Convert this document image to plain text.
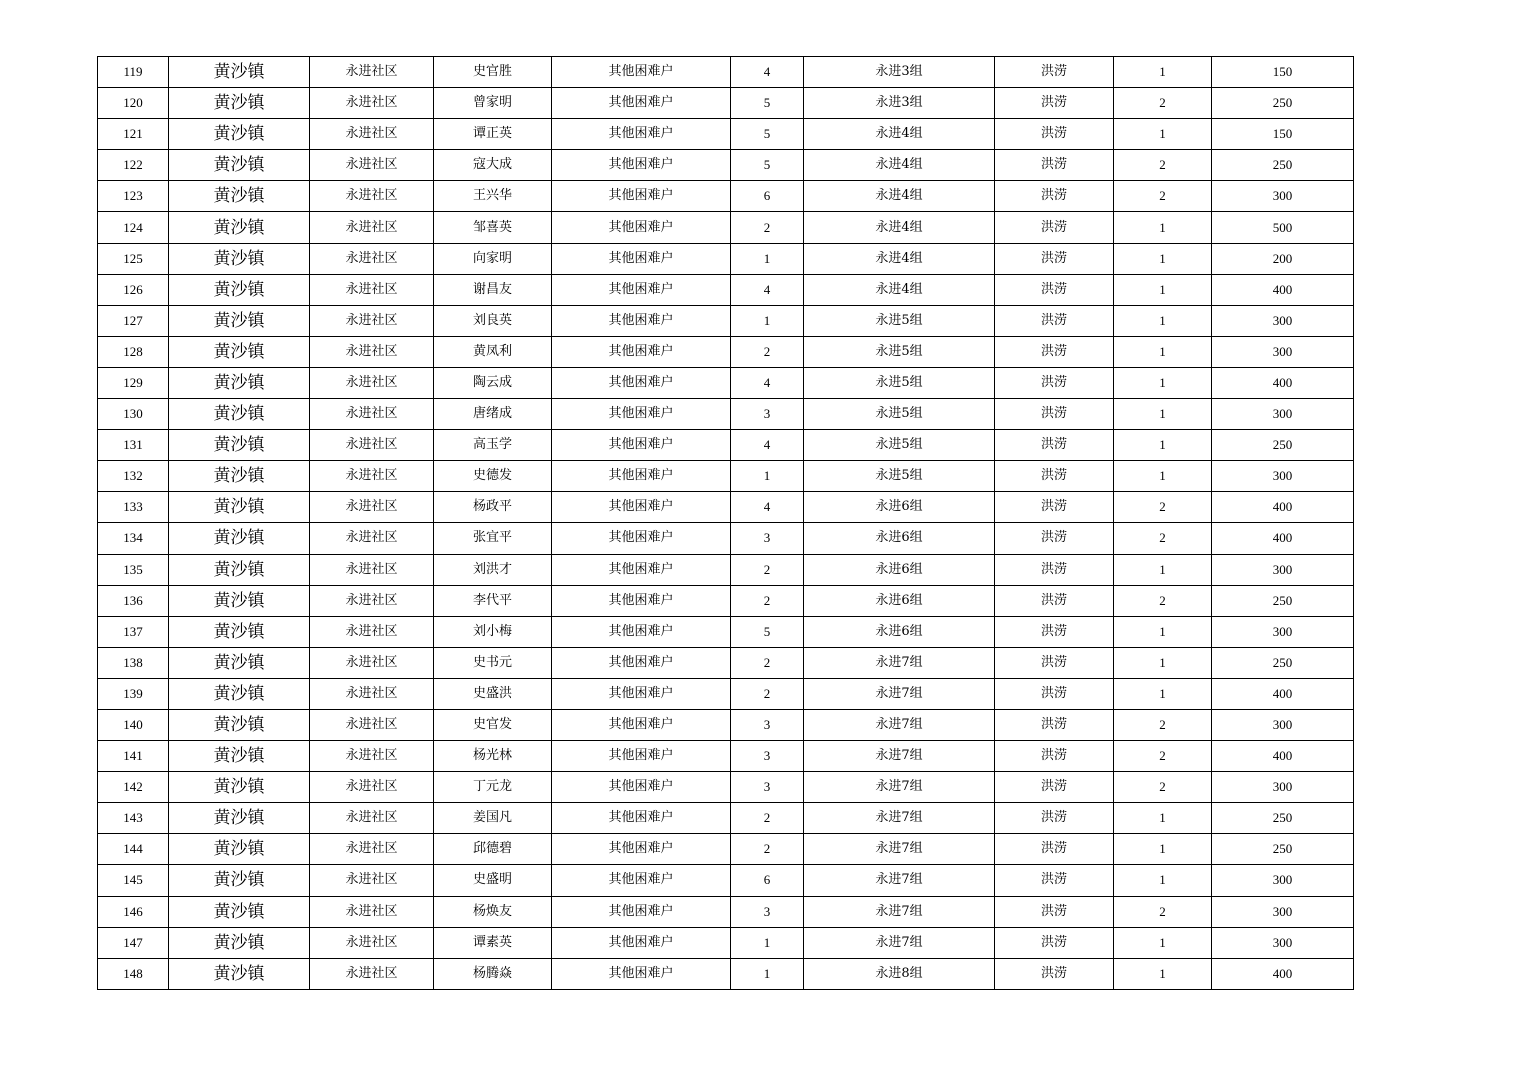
119	黄沙镇	永进社区	史官胜	其他困难户	4	永进3组	洪涝	1	150
120	黄沙镇	永进社区	曾家明	其他困难户	5	永进3组	洪涝	2	250
121	黄沙镇	永进社区	谭正英	其他困难户	5	永进4组	洪涝	1	150
122	黄沙镇	永进社区	寇大成	其他困难户	5	永进4组	洪涝	2	250
123	黄沙镇	永进社区	王兴华	其他困难户	6	永进4组	洪涝	2	300
124	黄沙镇	永进社区	邹喜英	其他困难户	2	永进4组	洪涝	1	500
125	黄沙镇	永进社区	向家明	其他困难户	1	永进4组	洪涝	1	200
126	黄沙镇	永进社区	谢昌友	其他困难户	4	永进4组	洪涝	1	400
127	黄沙镇	永进社区	刘良英	其他困难户	1	永进5组	洪涝	1	300
128	黄沙镇	永进社区	黄凤利	其他困难户	2	永进5组	洪涝	1	300
129	黄沙镇	永进社区	陶云成	其他困难户	4	永进5组	洪涝	1	400
130	黄沙镇	永进社区	唐绪成	其他困难户	3	永进5组	洪涝	1	300
131	黄沙镇	永进社区	高玉学	其他困难户	4	永进5组	洪涝	1	250
132	黄沙镇	永进社区	史德发	其他困难户	1	永进5组	洪涝	1	300
133	黄沙镇	永进社区	杨政平	其他困难户	4	永进6组	洪涝	2	400
134	黄沙镇	永进社区	张宜平	其他困难户	3	永进6组	洪涝	2	400
135	黄沙镇	永进社区	刘洪才	其他困难户	2	永进6组	洪涝	1	300
136	黄沙镇	永进社区	李代平	其他困难户	2	永进6组	洪涝	2	250
137	黄沙镇	永进社区	刘小梅	其他困难户	5	永进6组	洪涝	1	300
138	黄沙镇	永进社区	史书元	其他困难户	2	永进7组	洪涝	1	250
139	黄沙镇	永进社区	史盛洪	其他困难户	2	永进7组	洪涝	1	400
140	黄沙镇	永进社区	史官发	其他困难户	3	永进7组	洪涝	2	300
141	黄沙镇	永进社区	杨光林	其他困难户	3	永进7组	洪涝	2	400
142	黄沙镇	永进社区	丁元龙	其他困难户	3	永进7组	洪涝	2	300
143	黄沙镇	永进社区	姜国凡	其他困难户	2	永进7组	洪涝	1	250
144	黄沙镇	永进社区	邱德碧	其他困难户	2	永进7组	洪涝	1	250
145	黄沙镇	永进社区	史盛明	其他困难户	6	永进7组	洪涝	1	300
146	黄沙镇	永进社区	杨焕友	其他困难户	3	永进7组	洪涝	2	300
147	黄沙镇	永进社区	谭素英	其他困难户	1	永进7组	洪涝	1	300
148	黄沙镇	永进社区	杨腾焱	其他困难户	1	永进8组	洪涝	1	400
